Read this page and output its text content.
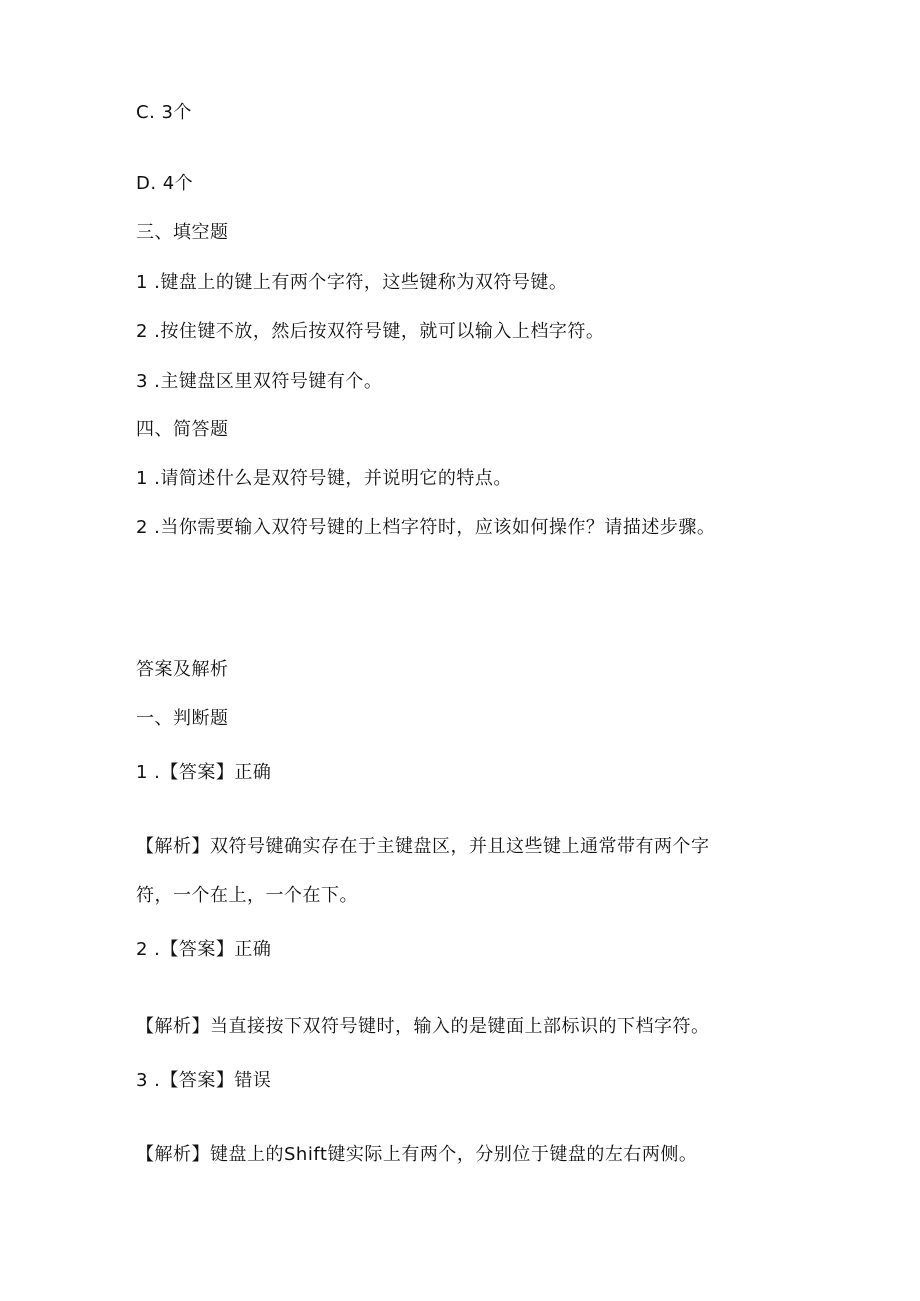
C. 3个
D. 4个
三、填空题
1 .键盘上的键上有两个字符，这些键称为双符号键。
2 .按住键不放，然后按双符号键，就可以输入上档字符。
3 .主键盘区里双符号键有个。
四、简答题
1 .请简述什么是双符号键，并说明它的特点。
2 .当你需要输入双符号键的上档字符时，应该如何操作？请描述步骤。
答案及解析
一、判断题
1 .【答案】正确
【解析】双符号键确实存在于主键盘区，并且这些键上通常带有两个字
符，一个在上，一个在下。
2 .【答案】正确
【解析】当直接按下双符号键时，输入的是键面上部标识的下档字符。
3 .【答案】错误
【解析】键盘上的Shift键实际上有两个，分别位于键盘的左右两侧。
